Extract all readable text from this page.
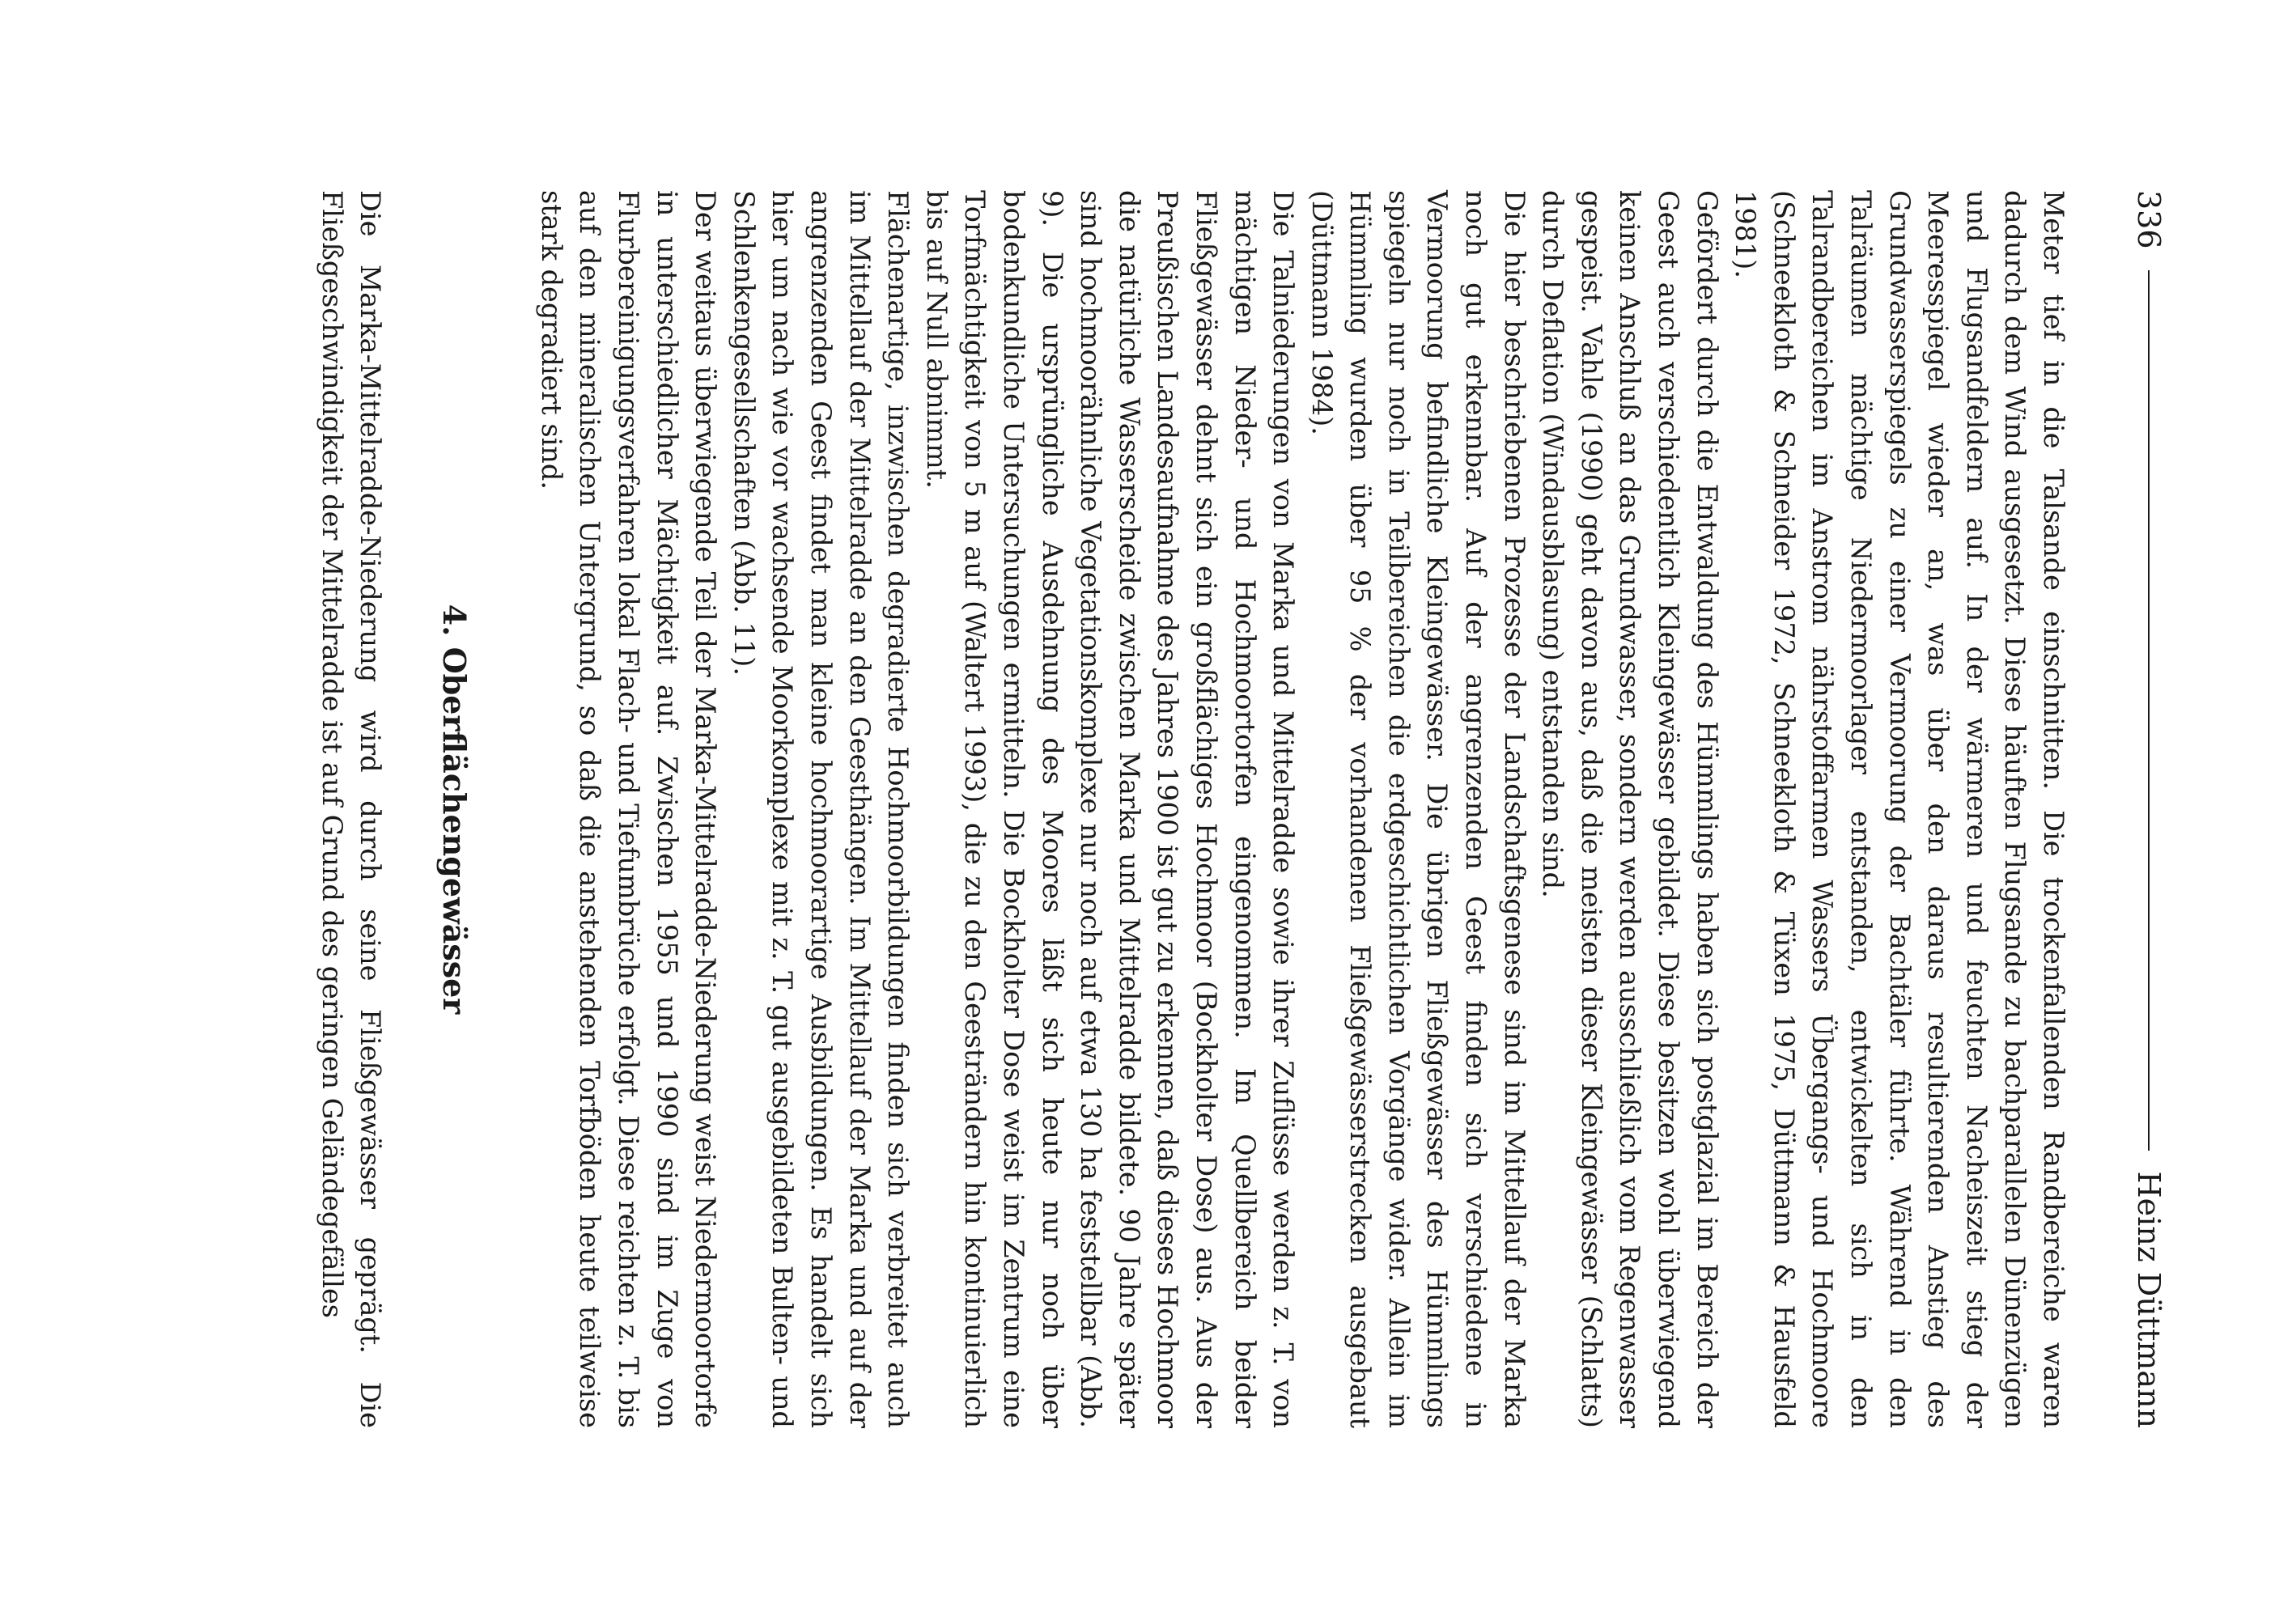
336
Heinz Düttmann

Meter tief in die Talsande einschnitten. Die trockenfallenden Randbereiche waren dadurch dem Wind ausgesetzt. Diese häuften Flugsande zu bachparallelen Dünenzügen und Flugsandfeldern auf. In der wärmeren und feuchten Nacheiszeit stieg der Meeresspiegel wieder an, was über den daraus resultierenden Anstieg des Grundwasserspiegels zu einer Vermoorung der Bachtäler führte. Während in den Talräumen mächtige Niedermoorlager entstanden, entwickelten sich in den Talrandbereichen im Anstrom nährstoffarmen Wassers Übergangs- und Hochmoore (Schneekloth & Schneider 1972, Schneekloth & Tüxen 1975, Düttmann & Hausfeld 1981).

Gefördert durch die Entwaldung des Hümmlings haben sich postglazial im Bereich der Geest auch verschiedentlich Kleingewässer gebildet. Diese besitzen wohl überwiegend keinen Anschluß an das Grundwasser, sondern werden ausschließlich vom Regenwasser gespeist. Vahle (1990) geht davon aus, daß die meisten dieser Kleingewässer (Schlatts) durch Deflation (Windausblasung) entstanden sind.

Die hier beschriebenen Prozesse der Landschaftsgenese sind im Mittellauf der Marka noch gut erkennbar. Auf der angrenzenden Geest finden sich verschiedene in Vermoorung befindliche Kleingewässer. Die übrigen Fließgewässer des Hümmlings spiegeln nur noch in Teilbereichen die erdgeschichtlichen Vorgänge wider. Allein im Hümmling wurden über 95 % der vorhandenen Fließgewässerstrecken ausgebaut (Düttmann 1984).

Die Talniederungen von Marka und Mittelradde sowie ihrer Zuflüsse werden z. T. von mächtigen Nieder- und Hochmoortorfen eingenommen. Im Quellbereich beider Fließgewässer dehnt sich ein großflächiges Hochmoor (Bockholter Dose) aus. Aus der Preußischen Landesaufnahme des Jahres 1900 ist gut zu erkennen, daß dieses Hochmoor die natürliche Wasserscheide zwischen Marka und Mittelradde bildete. 90 Jahre später sind hochmoorähnliche Vegetationskomplexe nur noch auf etwa 130 ha feststellbar (Abb. 9). Die ursprüngliche Ausdehnung des Moores läßt sich heute nur noch über bodenkundliche Untersuchungen ermitteln. Die Bockholter Dose weist im Zentrum eine Torfmächtigkeit von 5 m auf (Waltert 1993), die zu den Geesträndern hin kontinuierlich bis auf Null abnimmt.

Flächenartige, inzwischen degradierte Hochmoorbildungen finden sich verbreitet auch im Mittellauf der Mittelradde an den Geesthängen. Im Mittellauf der Marka und auf der angrenzenden Geest findet man kleine hochmoorartige Ausbildungen. Es handelt sich hier um nach wie vor wachsende Moorkomplexe mit z. T. gut ausgebildeten Bulten- und Schlenkengesellschaften (Abb. 11).

Der weitaus überwiegende Teil der Marka-Mittelradde-Niederung weist Niedermoortorfe in unterschiedlicher Mächtigkeit auf. Zwischen 1955 und 1990 sind im Zuge von Flurbereinigungsverfahren lokal Flach- und Tiefumbrüche erfolgt. Diese reichten z. T. bis auf den mineralischen Untergrund, so daß die anstehenden Torfböden heute teilweise stark degradiert sind.

4. Oberflächengewässer

Die Marka-Mittelradde-Niederung wird durch seine Fließgewässer geprägt. Die Fließgeschwindigkeit der Mittelradde ist auf Grund des geringen Geländegefälles
